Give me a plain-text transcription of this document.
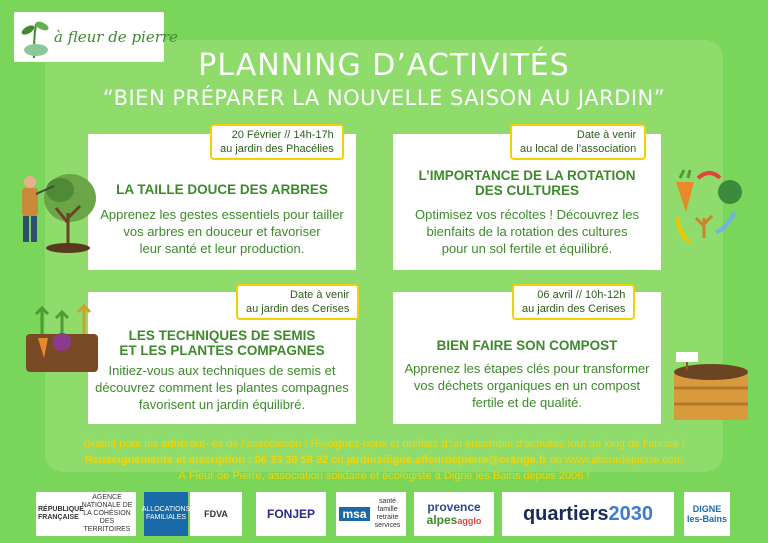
à fleur de pierre
PLANNING D’ACTIVITÉS
“BIEN PRÉPARER LA NOUVELLE SAISON AU JARDIN”
LA TAILLE DOUCE DES ARBRES
Apprenez les gestes essentiels pour tailler
vos arbres en douceur et favoriser
leur santé et leur production.
20 Février // 14h-17h
au jardin des Phacélies
L’IMPORTANCE DE LA ROTATION
DES CULTURES
Optimisez vos récoltes ! Découvrez les
bienfaits de la rotation des cultures
pour un sol fertile et équilibré.
Date à venir
au local de l’association
LES TECHNIQUES DE SEMIS
ET LES PLANTES COMPAGNES
Initiez-vous aux techniques de semis et
découvrez comment les plantes compagnes
favorisent un jardin équilibré.
Date à venir
au jardin des Cerises
BIEN FAIRE SON COMPOST
Apprenez les étapes clés pour transformer
vos déchets organiques en un compost
fertile et de qualité.
06 avril // 10h-12h
au jardin des Cerises
Gratuit pour les adhérent- es de l’association ! Rejoignez-nous et profitez d’un ensemble d’activités tout au long de l’année !
Renseignements et inscription : 06 33 30 58 32 ou jardinsdigne.afleurdepierre@orange.fr ou www.afleurdepierre.com
À Fleur de Pierre, association solidaire et écologiste à Digne les Bains depuis 2006 !
RÉPUBLIQUE FRANÇAISE
AGENCE NATIONALE DE LA COHÉSION DES TERRITOIRES
ALLOCATIONS FAMILIALES	FDVA	FONJEP msa
santé famille retraite services
provence
alpesagglo quartiers 2030	DIGNE
les-Bains
